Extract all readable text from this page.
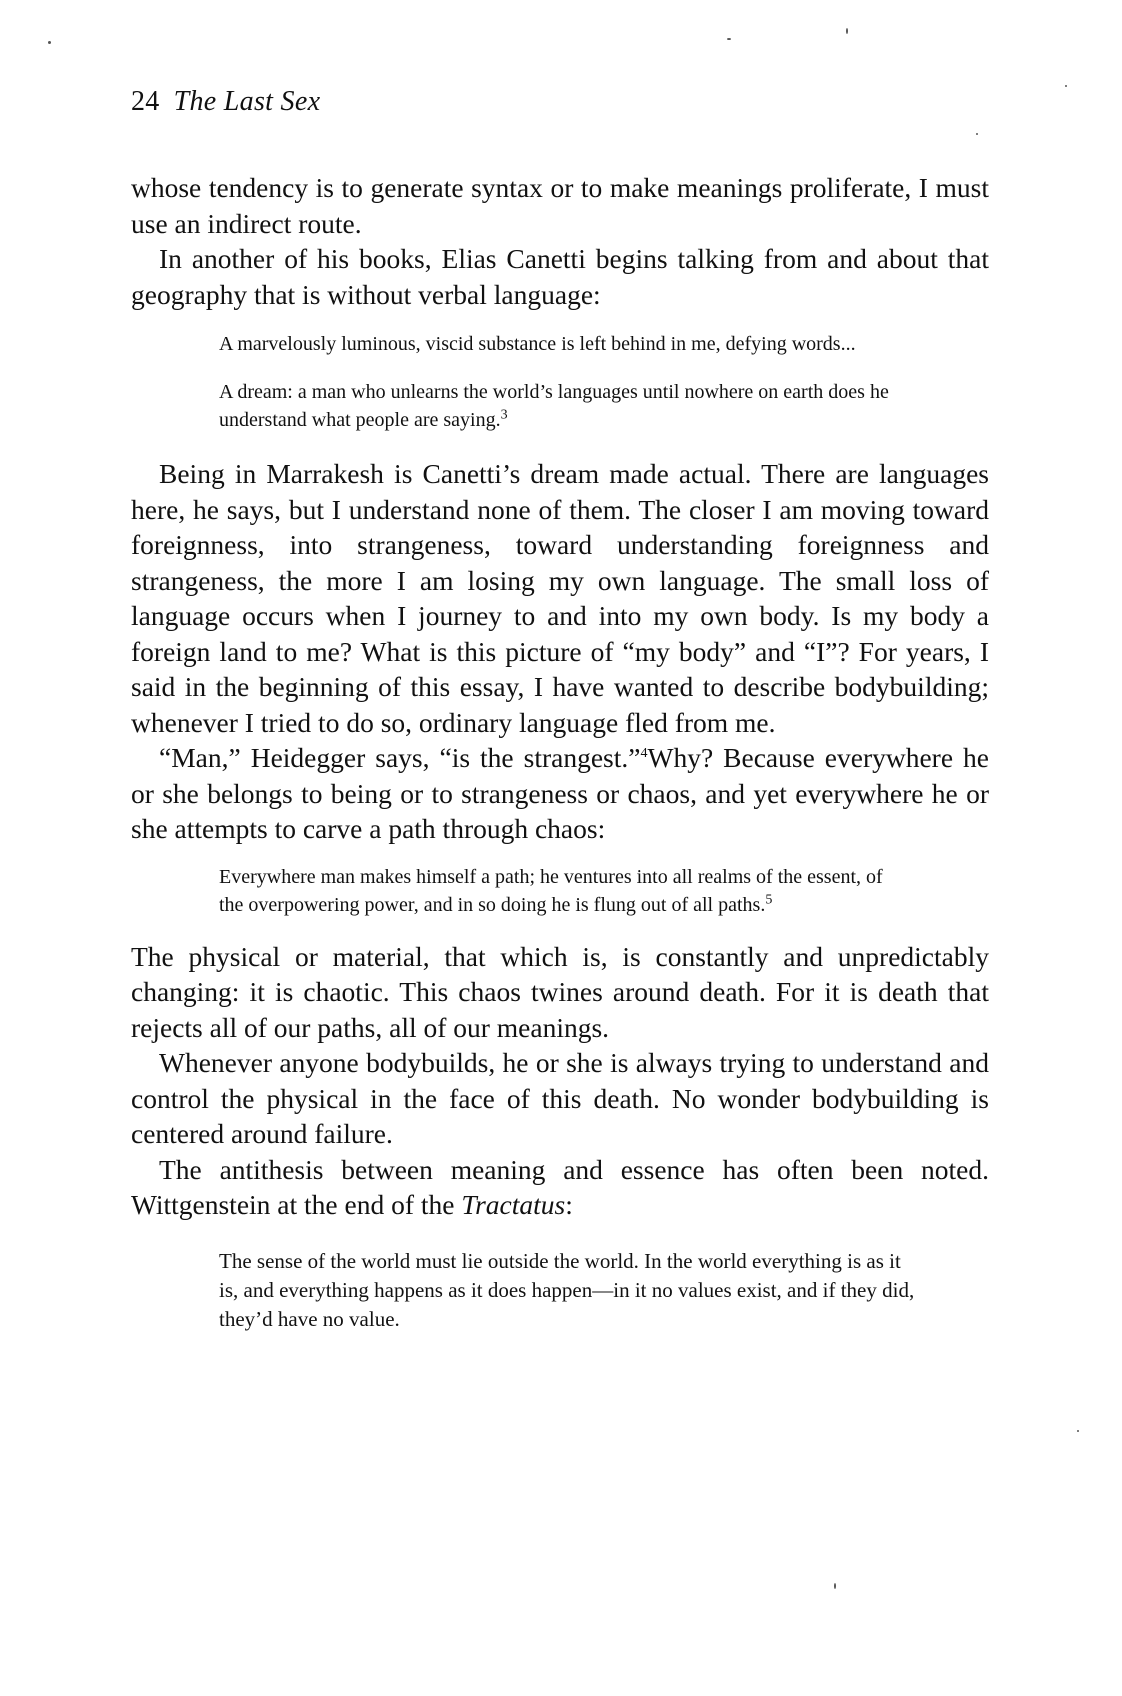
24 The Last Sex

whose tendency is to generate syntax or to make meanings proliferate, I must use an indirect route.

In another of his books, Elias Canetti begins talking from and about that geography that is without verbal language:

A marvelously luminous, viscid substance is left behind in me, defying words...

A dream: a man who unlearns the world’s languages until nowhere on earth does he understand what people are saying.$^3$

Being in Marrakesh is Canetti’s dream made actual. There are languages here, he says, but I understand none of them. The closer I am moving toward foreignness, into strangeness, toward understanding foreignness and strangeness, the more I am losing my own language. The small loss of language occurs when I journey to and into my own body. Is my body a foreign land to me? What is this picture of “my body” and “I”? For years, I said in the beginning of this essay, I have wanted to describe bodybuilding; whenever I tried to do so, ordinary language fled from me.

“Man,” Heidegger says, “is the strangest.”$^4$Why? Because everywhere he or she belongs to being or to strangeness or chaos, and yet everywhere he or she attempts to carve a path through chaos:

Everywhere man makes himself a path; he ventures into all realms of the essent, of the overpowering power, and in so doing he is flung out of all paths.$^5$

The physical or material, that which is, is constantly and unpredictably changing: it is chaotic. This chaos twines around death. For it is death that rejects all of our paths, all of our meanings.

Whenever anyone bodybuilds, he or she is always trying to understand and control the physical in the face of this death. No wonder bodybuilding is centered around failure.

The antithesis between meaning and essence has often been noted. Wittgenstein at the end of the Tractatus:

The sense of the world must lie outside the world. In the world everything is as it is, and everything happens as it does happen—in it no values exist, and if they did, they’d have no value.
